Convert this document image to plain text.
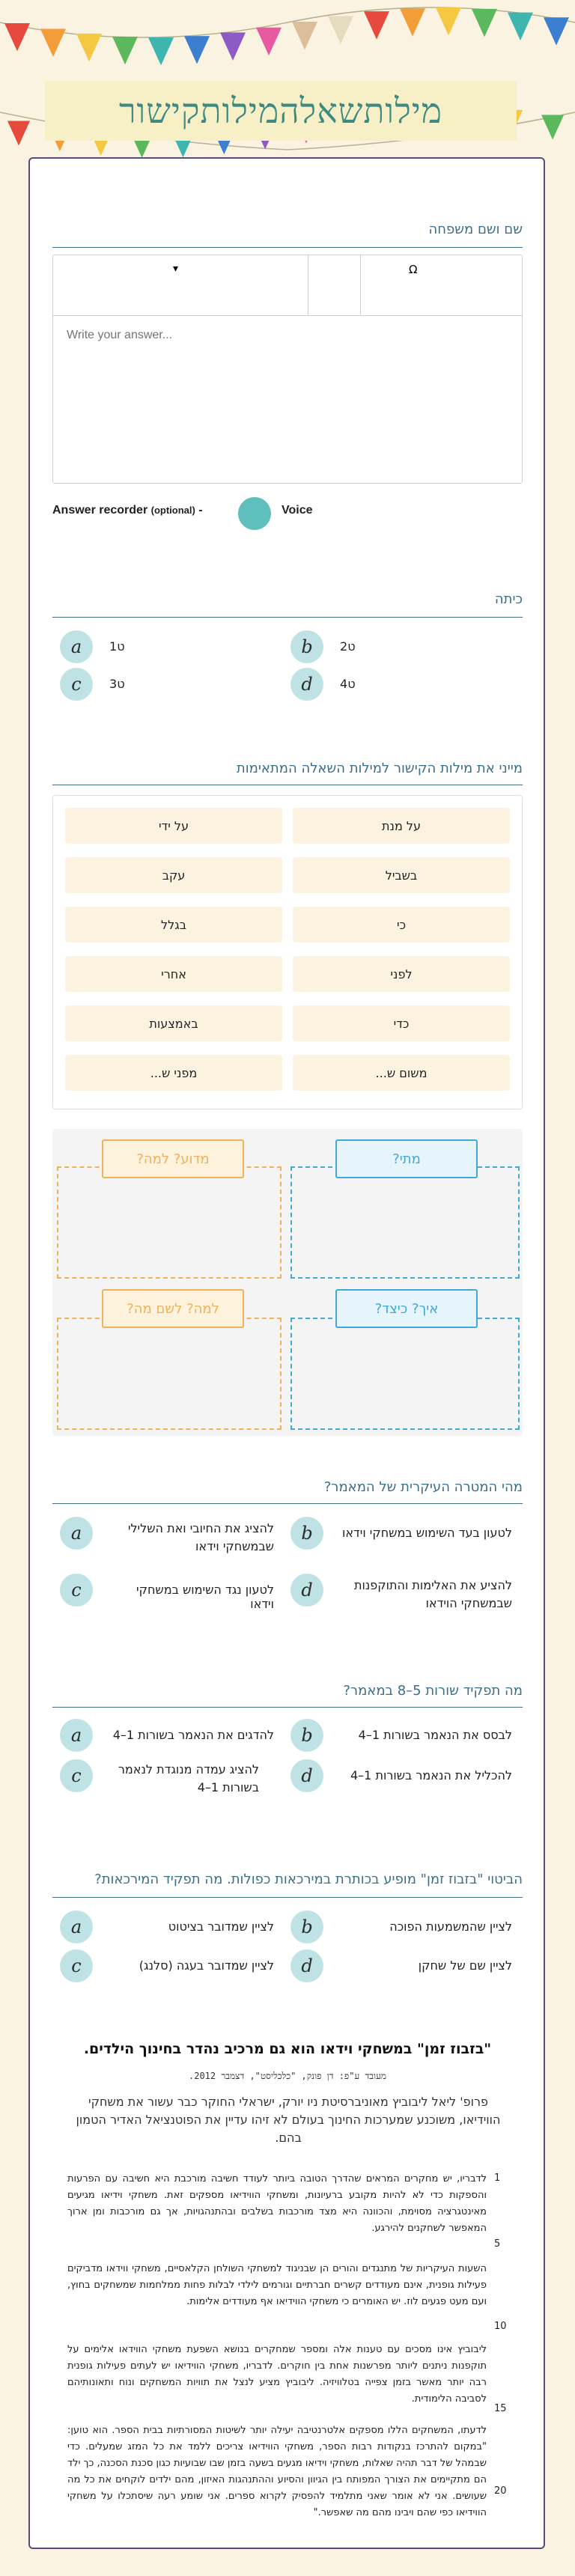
מילותשאלהמילותקישור
שם ושם משפחה
▾	Ω
Write your answer...
Answer recorder (optional) -	Voice
כיתה
a	ט1	b	ט2
c	ט3	d	ט4
מייני את מילות הקישור למילות השאלה המתאימות
על מנת
על ידי
בשביל
עקב
כי
בגלל
לפני
אחרי
כדי
באמצעות
משום ש...
מפני ש...
מתי?
מדוע? למה?
איך? כיצד?
למה? לשם מה?
מהי המטרה העיקרית של המאמר?
a	להציג את החיובי ואת השלילי שבמשחקי וידאו
b	לטעון בעד השימוש במשחקי וידאו
c	לטעון נגד השימוש במשחקי וידאו
d	להציע את האלימות והתוקפנות שבמשחקי הוידאו
מה תפקיד שורות 5–8 במאמר?
a	להדגים את הנאמר בשורות 1–4	b	לבסס את הנאמר בשורות 1–4
c	להציג עמדה מנוגדת לנאמר בשורות 1–4
d	להכליל את הנאמר בשורות 1–4
הביטוי "בזבוז זמן" מופיע בכותרת במירכאות כפולות. מה תפקיד המירכאות?
a	לציין שמדובר בציטוט	b	לציין שהמשמעות הפוכה
c	לציין שמדובר בעגה (סלנג)	d	לציין שם של שחקן
"בזבוז זמן" במשחקי וידאו הוא גם מרכיב נהדר בחינוך הילדים.
מעובד ע"פ: דן פונק, "כלכליסט", דצמבר 2012.
פרופ' ליאל ליבוביץ מאוניברסיטת ניו יורק, ישראלי החוקר כבר עשור את משחקי הווידיאו, משוכנע שמערכות החינוך בעולם לא זיהו עדיין את הפוטנציאל האדיר הטמון בהם.
לדבריו, יש מחקרים המראים שהדרך הטובה ביותר לעודד חשיבה מורכבת היא חשיבה עם הפרעות והספקות כדי לא להיות מקובע ברעיונות, ומשחקי הווידיאו מספקים זאת. משחקי וידיאו מגיעים מאינטגרציה מסוימת, והכוונה היא מצד מורכבות בשלבים ובהתנהגויות, אך גם מורכבות ומן ארוך המאפשר לשחקנים להירגע.
השעות העיקריות של מתנגדים והורים הן שבניגוד למשחקי השולחן הקלאסיים, משחקי ווידאו מדביקים פעילות גופנית, אינם מעודדים קשרים חברתיים וגורמים לילדי לבלות פחות ממלחמות שמשחקים בחוץ, ועם מעט פגעים לוז. יש האומרים כי משחקי הווידיאו אף מעודדים אלימות.
ליבוביץ אינו מסכים עם טענות אלה ומספר שמחקרים בנושא השפעת משחקי הווידאו אלימים על תוקפנות ניתנים ליותר מפרשנות אחת בין חוקרים. לדבריו, משחקי הווידיאו יש לעתים פעילות גופנית רבה יותר מאשר בזמן צפייה בטלוויזיה. ליבוביץ מציע לנצל את תוויות המשחקים ונוח ותאונותיהם לסביבה הלימודית.
לדעתו, המשחקים הללו מספקים אלטרנטיבה יעילה יותר לשיטות המסורתיות בבית הספר. הוא טוען: "במקום להתרכז בנקודות רבות הספר, משחקי הווידיאו צריכים ללמד את כל המזג שמעלים. כדי שבמהל של דבר תהיה שאלות, משחקי וידיאו מגעים בשעה בזמן שבו שבועיות כגון סכנת הסכנה, כך ילד הם מתקיימים את הצורך המפותח בין הגיוון והסיוע וההתנהגות האיזון, מהם ילדים לוקחים את כל מה שעושים. אני לא אומר שאני מתלמיד להפסיק לקרוא ספרים. אני שומע רעה שיסתכלו על משחקי הווידיאו כפי שהם ויבינו מהם מה שאפשר."
1
5
10
15
20
